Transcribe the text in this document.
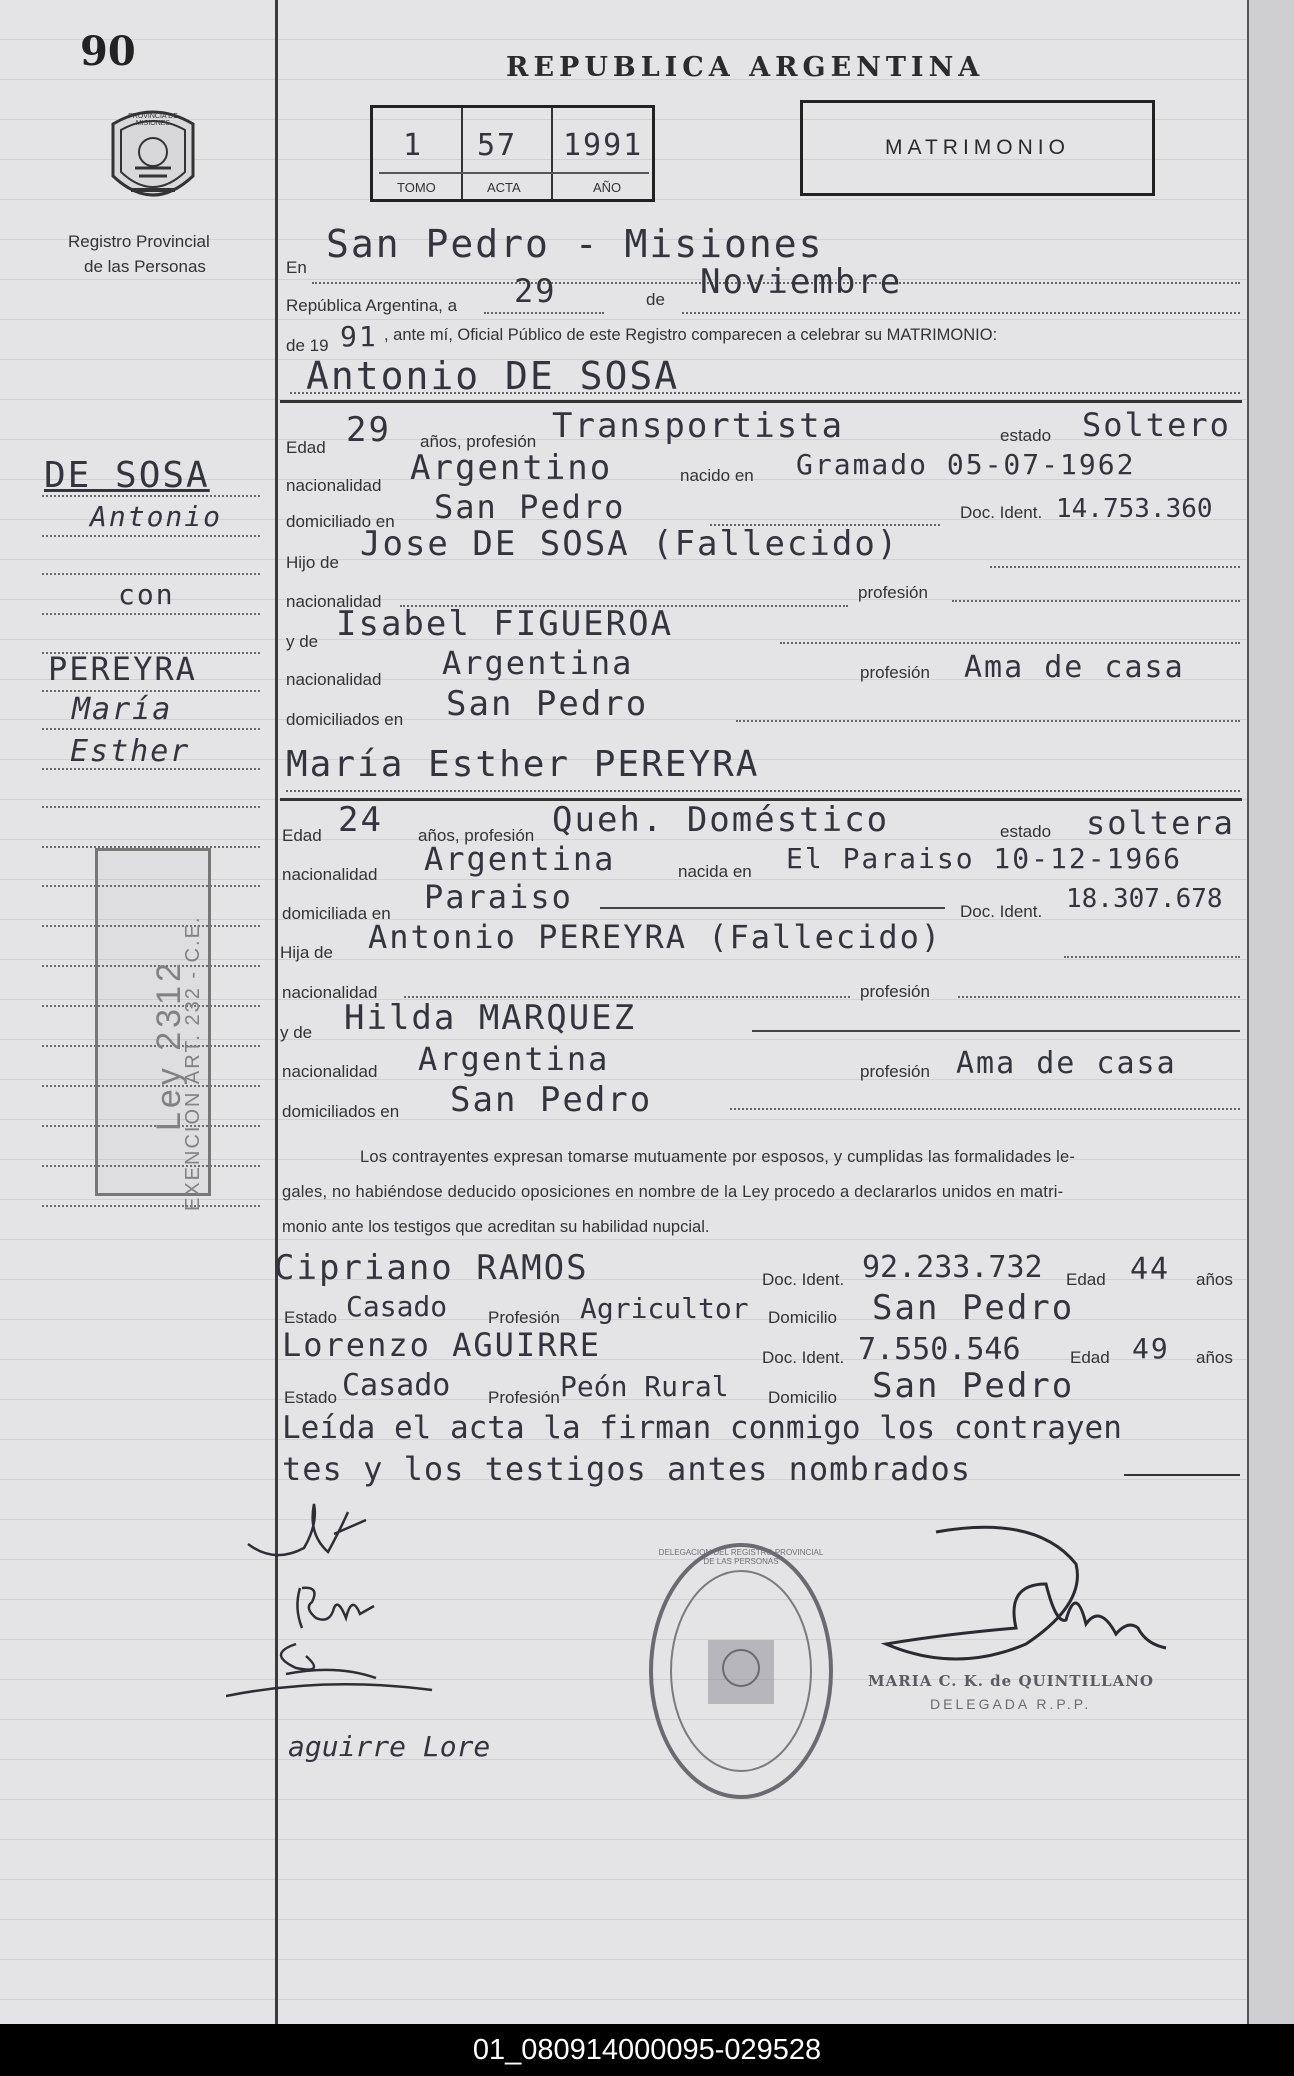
90
PROVINCIA DE MISIONES
Registro Provincial
de las Personas
REPUBLICA ARGENTINA
1 57 1991
TOMO	ACTA	AÑO
MATRIMONIO
DE SOSA
Antonio
con
PEREYRA
María
Esther
Ley 2312
EXENCION ART. 232 - C.E.
En
San Pedro - Misiones
República Argentina, a 29	de Noviembre
de 19 91 , ante mí, Oficial Público de este Registro comparecen a celebrar su MATRIMONIO:
Antonio DE SOSA
Edad 29 años, profesión Transportista	estado Soltero
nacionalidad Argentino	nacido en Gramado 05-07-1962
domiciliado en San Pedro	Doc. Ident. 14.753.360
Hijo de Jose DE SOSA (Fallecido)
nacionalidad	profesión
y de Isabel FIGUEROA
nacionalidad Argentina	profesión Ama de casa
domiciliados en San Pedro
María Esther PEREYRA
Edad 24 años, profesión Queh. Doméstico	estado soltera
nacionalidad Argentina	nacida en El Paraiso 10-12-1966
domiciliada en Paraiso	Doc. Ident. 18.307.678
Hija de Antonio PEREYRA (Fallecido)
nacionalidad	profesión
y de Hilda MARQUEZ
nacionalidad Argentina	profesión Ama de casa
domiciliados en San Pedro
Los contrayentes expresan tomarse mutuamente por esposos, y cumplidas las formalidades le-
gales, no habiéndose deducido oposiciones en nombre de la Ley procedo a declararlos unidos en matri-
monio ante los testigos que acreditan su habilidad nupcial.
Cipriano RAMOS	Doc. Ident. 92.233.732 Edad 44 años
Estado Casado Profesión Agricultor Domicilio San Pedro
Lorenzo AGUIRRE	Doc. Ident. 7.550.546	Edad 49 años
Estado Casado Profesión Peón Rural Domicilio San Pedro
Leída el acta la firman conmigo los contrayen
tes y los testigos antes nombrados
aguirre Lore
DELEGACION DEL REGISTRO PROVINCIAL DE LAS PERSONAS
MARIA C. K. de QUINTILLANO
DELEGADA R.P.P.
01_080914000095-029528
